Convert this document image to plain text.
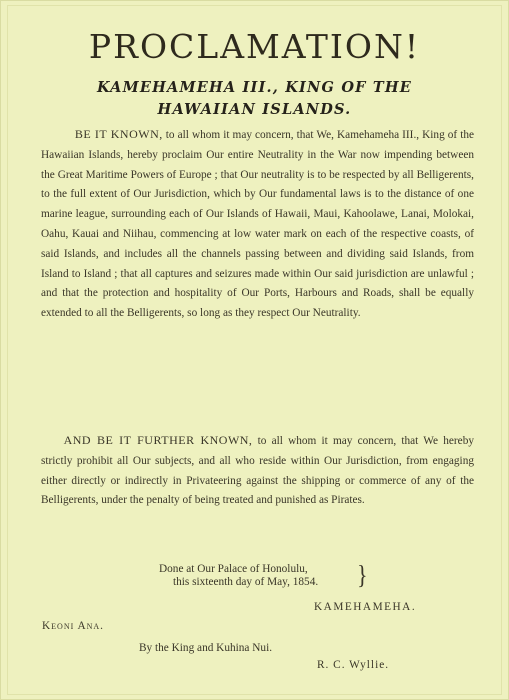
PROCLAMATION!
KAMEHAMEHA III., KING OF THE
HAWAIIAN ISLANDS.

   BE IT KNOWN, to all whom it may concern, that We, Kamehameha III., King of the Hawaiian Islands, hereby proclaim Our entire Neutrality in the War now impending between the Great Maritime Powers of Europe ; that Our neutrality is to be respected by all Belligerents, to the full extent of Our Jurisdiction, which by Our fundamental laws is to the distance of one marine league, surrounding each of Our Islands of Hawaii, Maui, Kahoolawe, Lanai, Molokai, Oahu, Kauai and Niihau, commencing at low water mark on each of the respective coasts, of said Islands, and includes all the channels passing between and dividing said Islands, from Island to Island ; that all captures and seizures made within Our said jurisdiction are unlawful ; and that the protection and hospitality of Our Ports, Harbours and Roads, shall be equally extended to all the Belligerents, so long as they respect Our Neutrality.

  AND BE IT FURTHER KNOWN, to all whom it may concern, that We hereby strictly prohibit all Our subjects, and all who reside within Our Jurisdiction, from engaging either directly or indirectly in Privateering against the shipping or commerce of any of the Belligerents, under the penalty of being treated and punished as Pirates.

Done at Our Palace of Honolulu,

this sixteenth day of May, 1854. }

KAMEHAMEHA.

Keoni Ana.

By the King and Kuhina Nui.

R. C. Wyllie.
